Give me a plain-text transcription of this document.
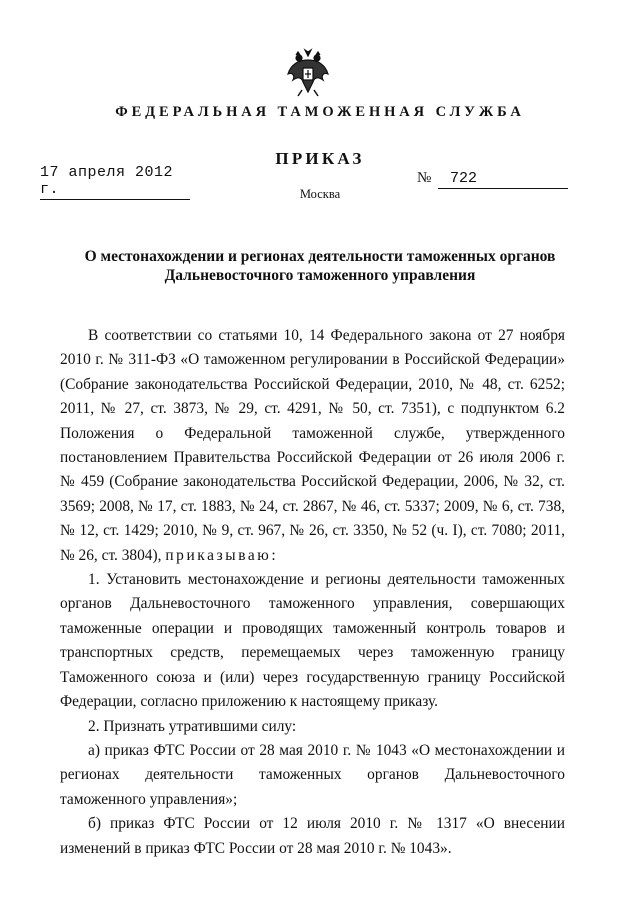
ФЕДЕРАЛЬНАЯ ТАМОЖЕННАЯ СЛУЖБА
17 апреля 2012 г.
ПРИКАЗ
Москва
№	722
О местонахождении и регионах деятельности таможенных органов
Дальневосточного таможенного управления

В соответствии со статьями 10, 14 Федерального закона от 27 ноября 2010 г. № 311-ФЗ «О таможенном регулировании в Российской Федерации» (Собрание законодательства Российской Федерации, 2010, № 48, ст. 6252; 2011, № 27, ст. 3873, № 29, ст. 4291, № 50, ст. 7351), с подпунктом 6.2 Положения о Федеральной таможенной службе, утвержденного постановлением Правительства Российской Федерации от 26 июля 2006 г. № 459 (Собрание законодательства Российской Федерации, 2006, № 32, ст. 3569; 2008, № 17, ст. 1883, № 24, ст. 2867, № 46, ст. 5337; 2009, № 6, ст. 738, № 12, ст. 1429; 2010, № 9, ст. 967, № 26, ст. 3350, № 52 (ч. I), ст. 7080; 2011, № 26, ст. 3804), приказываю:

1. Установить местонахождение и регионы деятельности таможенных органов Дальневосточного таможенного управления, совершающих таможенные операции и проводящих таможенный контроль товаров и транспортных средств, перемещаемых через таможенную границу Таможенного союза и (или) через государственную границу Российской Федерации, согласно приложению к настоящему приказу.

2. Признать утратившими силу:

а) приказ ФТС России от 28 мая 2010 г. № 1043 «О местонахождении и регионах деятельности таможенных органов Дальневосточного таможенного управления»;

б) приказ ФТС России от 12 июля 2010 г. № 1317 «О внесении изменений в приказ ФТС России от 28 мая 2010 г. № 1043».
